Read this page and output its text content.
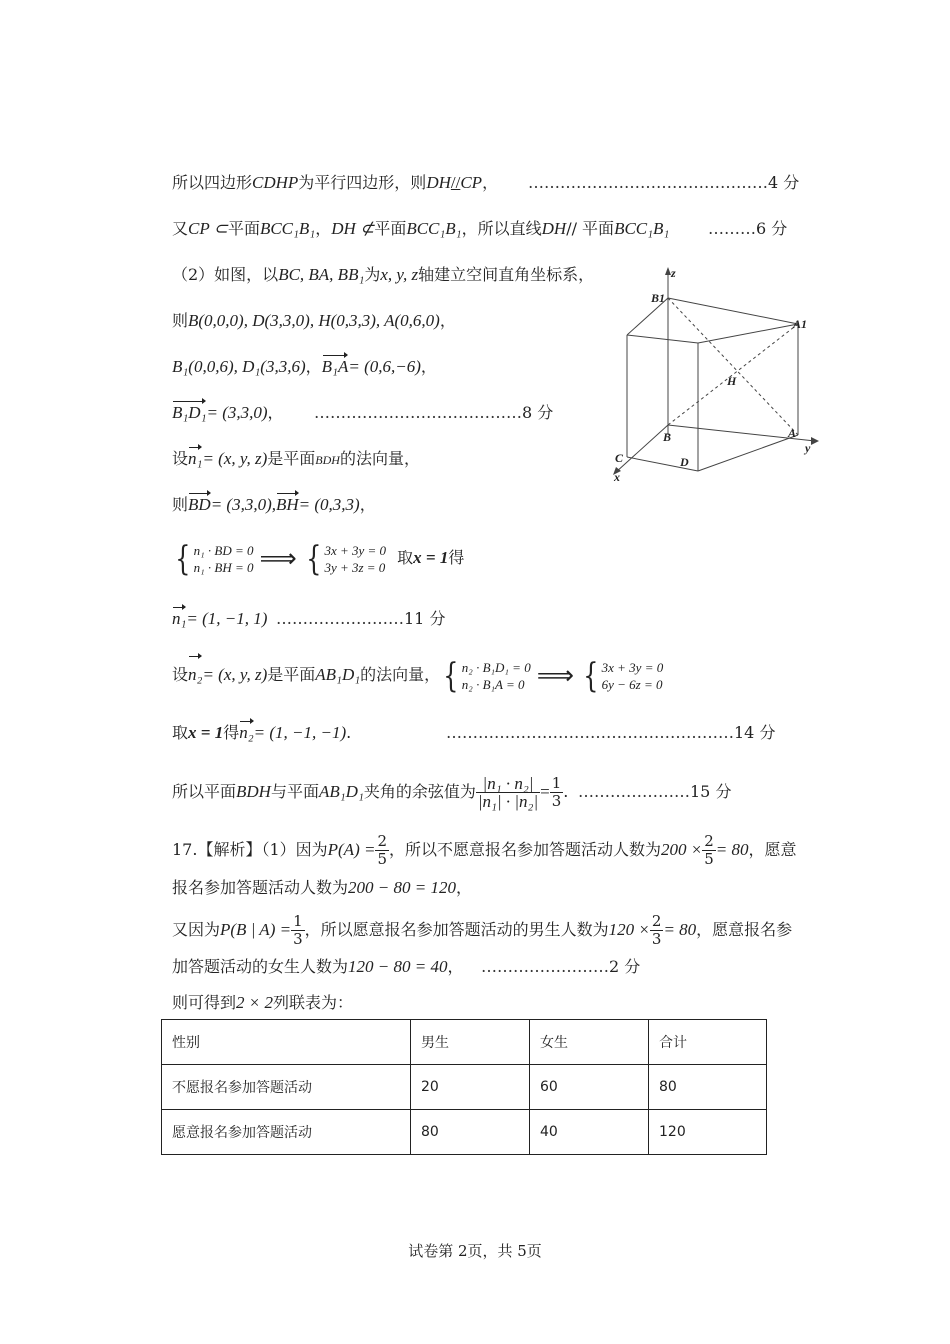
所以四边形CDHP为平行四边形，则DH//CP， ………………………………………4 分
又CP ⊂平面BCC₁B₁，DH ⊄平面BCC₁B₁，所以直线DH// 平面BCC₁B₁ ………6 分
（2）如图，以BC, BA, BB₁为x, y, z轴建立空间直角坐标系，
则B(0,0,0), D(3,3,0), H(0,3,3), A(0,6,0)，
B₁(0,0,6), D₁(3,3,6)，B₁A= (0,6,−6)，
B₁D₁= (3,3,0)， …………………………………8 分
设n₁= (x, y, z)是平面BDH的法向量，
则BD= (3,3,0),BH= (0,3,3)，
{ n₁ · BD = 0
n₁ · BH = 0 ⟹ { 3x + 3y = 0
3y + 3z = 0 取x = 1得
n₁= (1, −1, 1) ……………………11 分
设n₂= (x, y, z)是平面AB₁D₁的法向量，{ n₂ · B₁D₁ = 0
n₂ · B₁A = 0 ⟹ { 3x + 3y = 0
6y − 6z = 0
取x = 1得n₂= (1, −1, −1).	………………………………………………14 分
所以平面BDH与平面AB₁D₁夹角的余弦值为 $\frac{\text{|n₁ · n₂|}}{\text{|n₁| · |n₂|}} = \frac{1}{3}$ . …………………15 分
17.【解析】（1）因为$P(A) = \frac{2}{5}$ ，所以不愿意报名参加答题活动人数为$200 \times \frac{2}{5} = 80$，愿意
报名参加答题活动人数为200 − 80 = 120，
又因为P(B | $A) = \frac{1}{3}$ ，所以愿意报名参加答题活动的男生人数为$120 \times \frac{2}{3} = 80$，愿意报名参
加答题活动的女生人数为120 − 80 = 40， ……………………2 分
则可得到2 × 2列联表为：
z
B1
A1
H
B	A
y
C	D
x
性别	男生	女生	合计
不愿报名参加答题活动	20	60	80
愿意报名参加答题活动	80	40	120
试卷第 2页，共 5页
